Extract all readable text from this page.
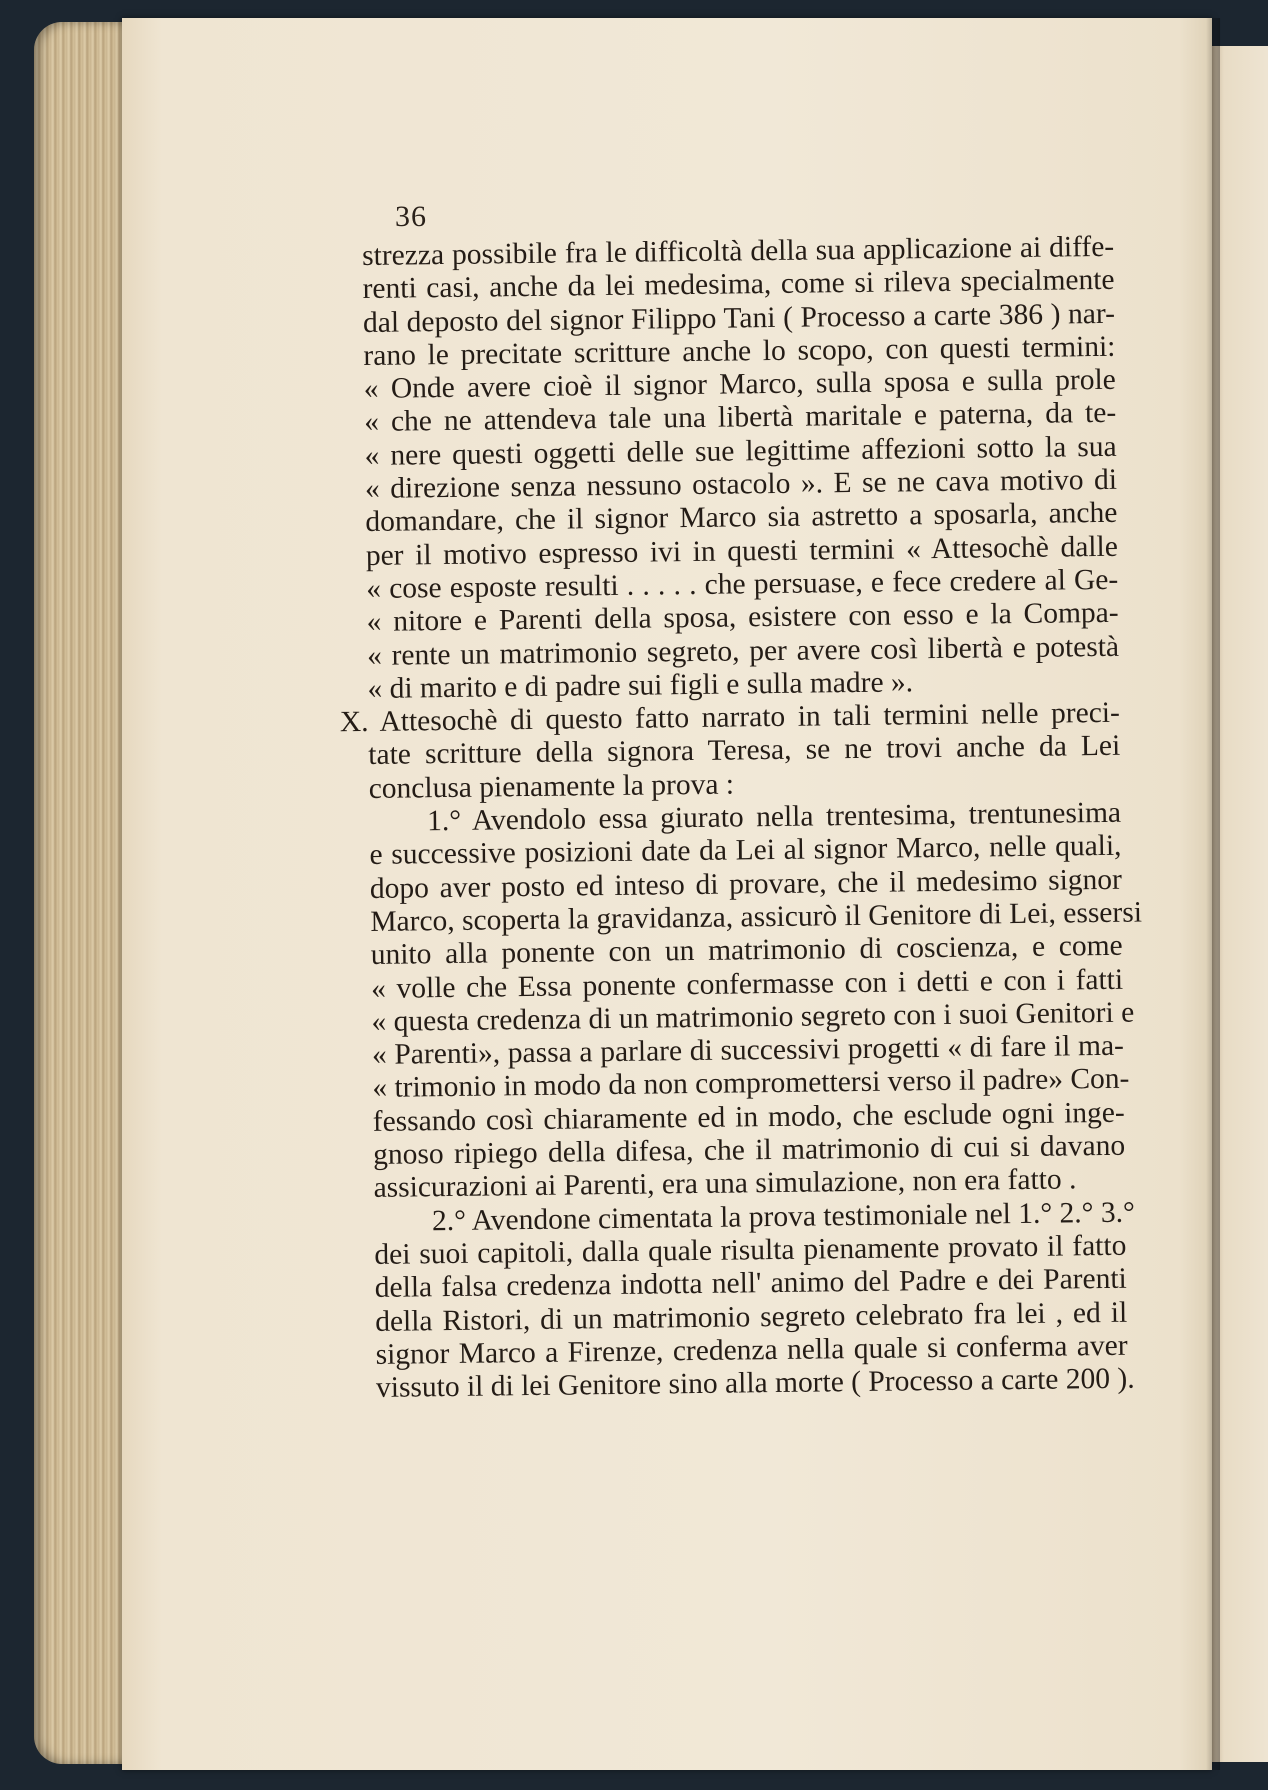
36
strezza possibile fra le difficoltà della sua applicazione ai diffe-
renti casi, anche da lei medesima, come si rileva specialmente
dal deposto del signor Filippo Tani ( Processo a carte 386 ) nar-
rano le precitate scritture anche lo scopo, con questi termini:
« Onde avere cioè il signor Marco, sulla sposa e sulla prole
« che ne attendeva tale una libertà maritale e paterna, da te-
« nere questi oggetti delle sue legittime affezioni sotto la sua
« direzione senza nessuno ostacolo ». E se ne cava motivo di
domandare, che il signor Marco sia astretto a sposarla, anche
per il motivo espresso ivi in questi termini « Attesochè dalle
« cose esposte resulti . . . . . che persuase, e fece credere al Ge-
« nitore e Parenti della sposa, esistere con esso e la Compa-
« rente un matrimonio segreto, per avere così libertà e potestà
« di marito e di padre sui figli e sulla madre ».
X. Attesochè di questo fatto narrato in tali termini nelle preci-
tate scritture della signora Teresa, se ne trovi anche da Lei
conclusa pienamente la prova :
1.° Avendolo essa giurato nella trentesima, trentunesima
e successive posizioni date da Lei al signor Marco, nelle quali,
dopo aver posto ed inteso di provare, che il medesimo signor
Marco, scoperta la gravidanza, assicurò il Genitore di Lei, essersi
unito alla ponente con un matrimonio di coscienza, e come
« volle che Essa ponente confermasse con i detti e con i fatti
« questa credenza di un matrimonio segreto con i suoi Genitori e
« Parenti», passa a parlare di successivi progetti « di fare il ma-
« trimonio in modo da non compromettersi verso il padre» Con-
fessando così chiaramente ed in modo, che esclude ogni inge-
gnoso ripiego della difesa, che il matrimonio di cui si davano
assicurazioni ai Parenti, era una simulazione, non era fatto .
2.° Avendone cimentata la prova testimoniale nel 1.° 2.° 3.°
dei suoi capitoli, dalla quale risulta pienamente provato il fatto
della falsa credenza indotta nell' animo del Padre e dei Parenti
della Ristori, di un matrimonio segreto celebrato fra lei , ed il
signor Marco a Firenze, credenza nella quale si conferma aver
vissuto il di lei Genitore sino alla morte ( Processo a carte 200 ).
